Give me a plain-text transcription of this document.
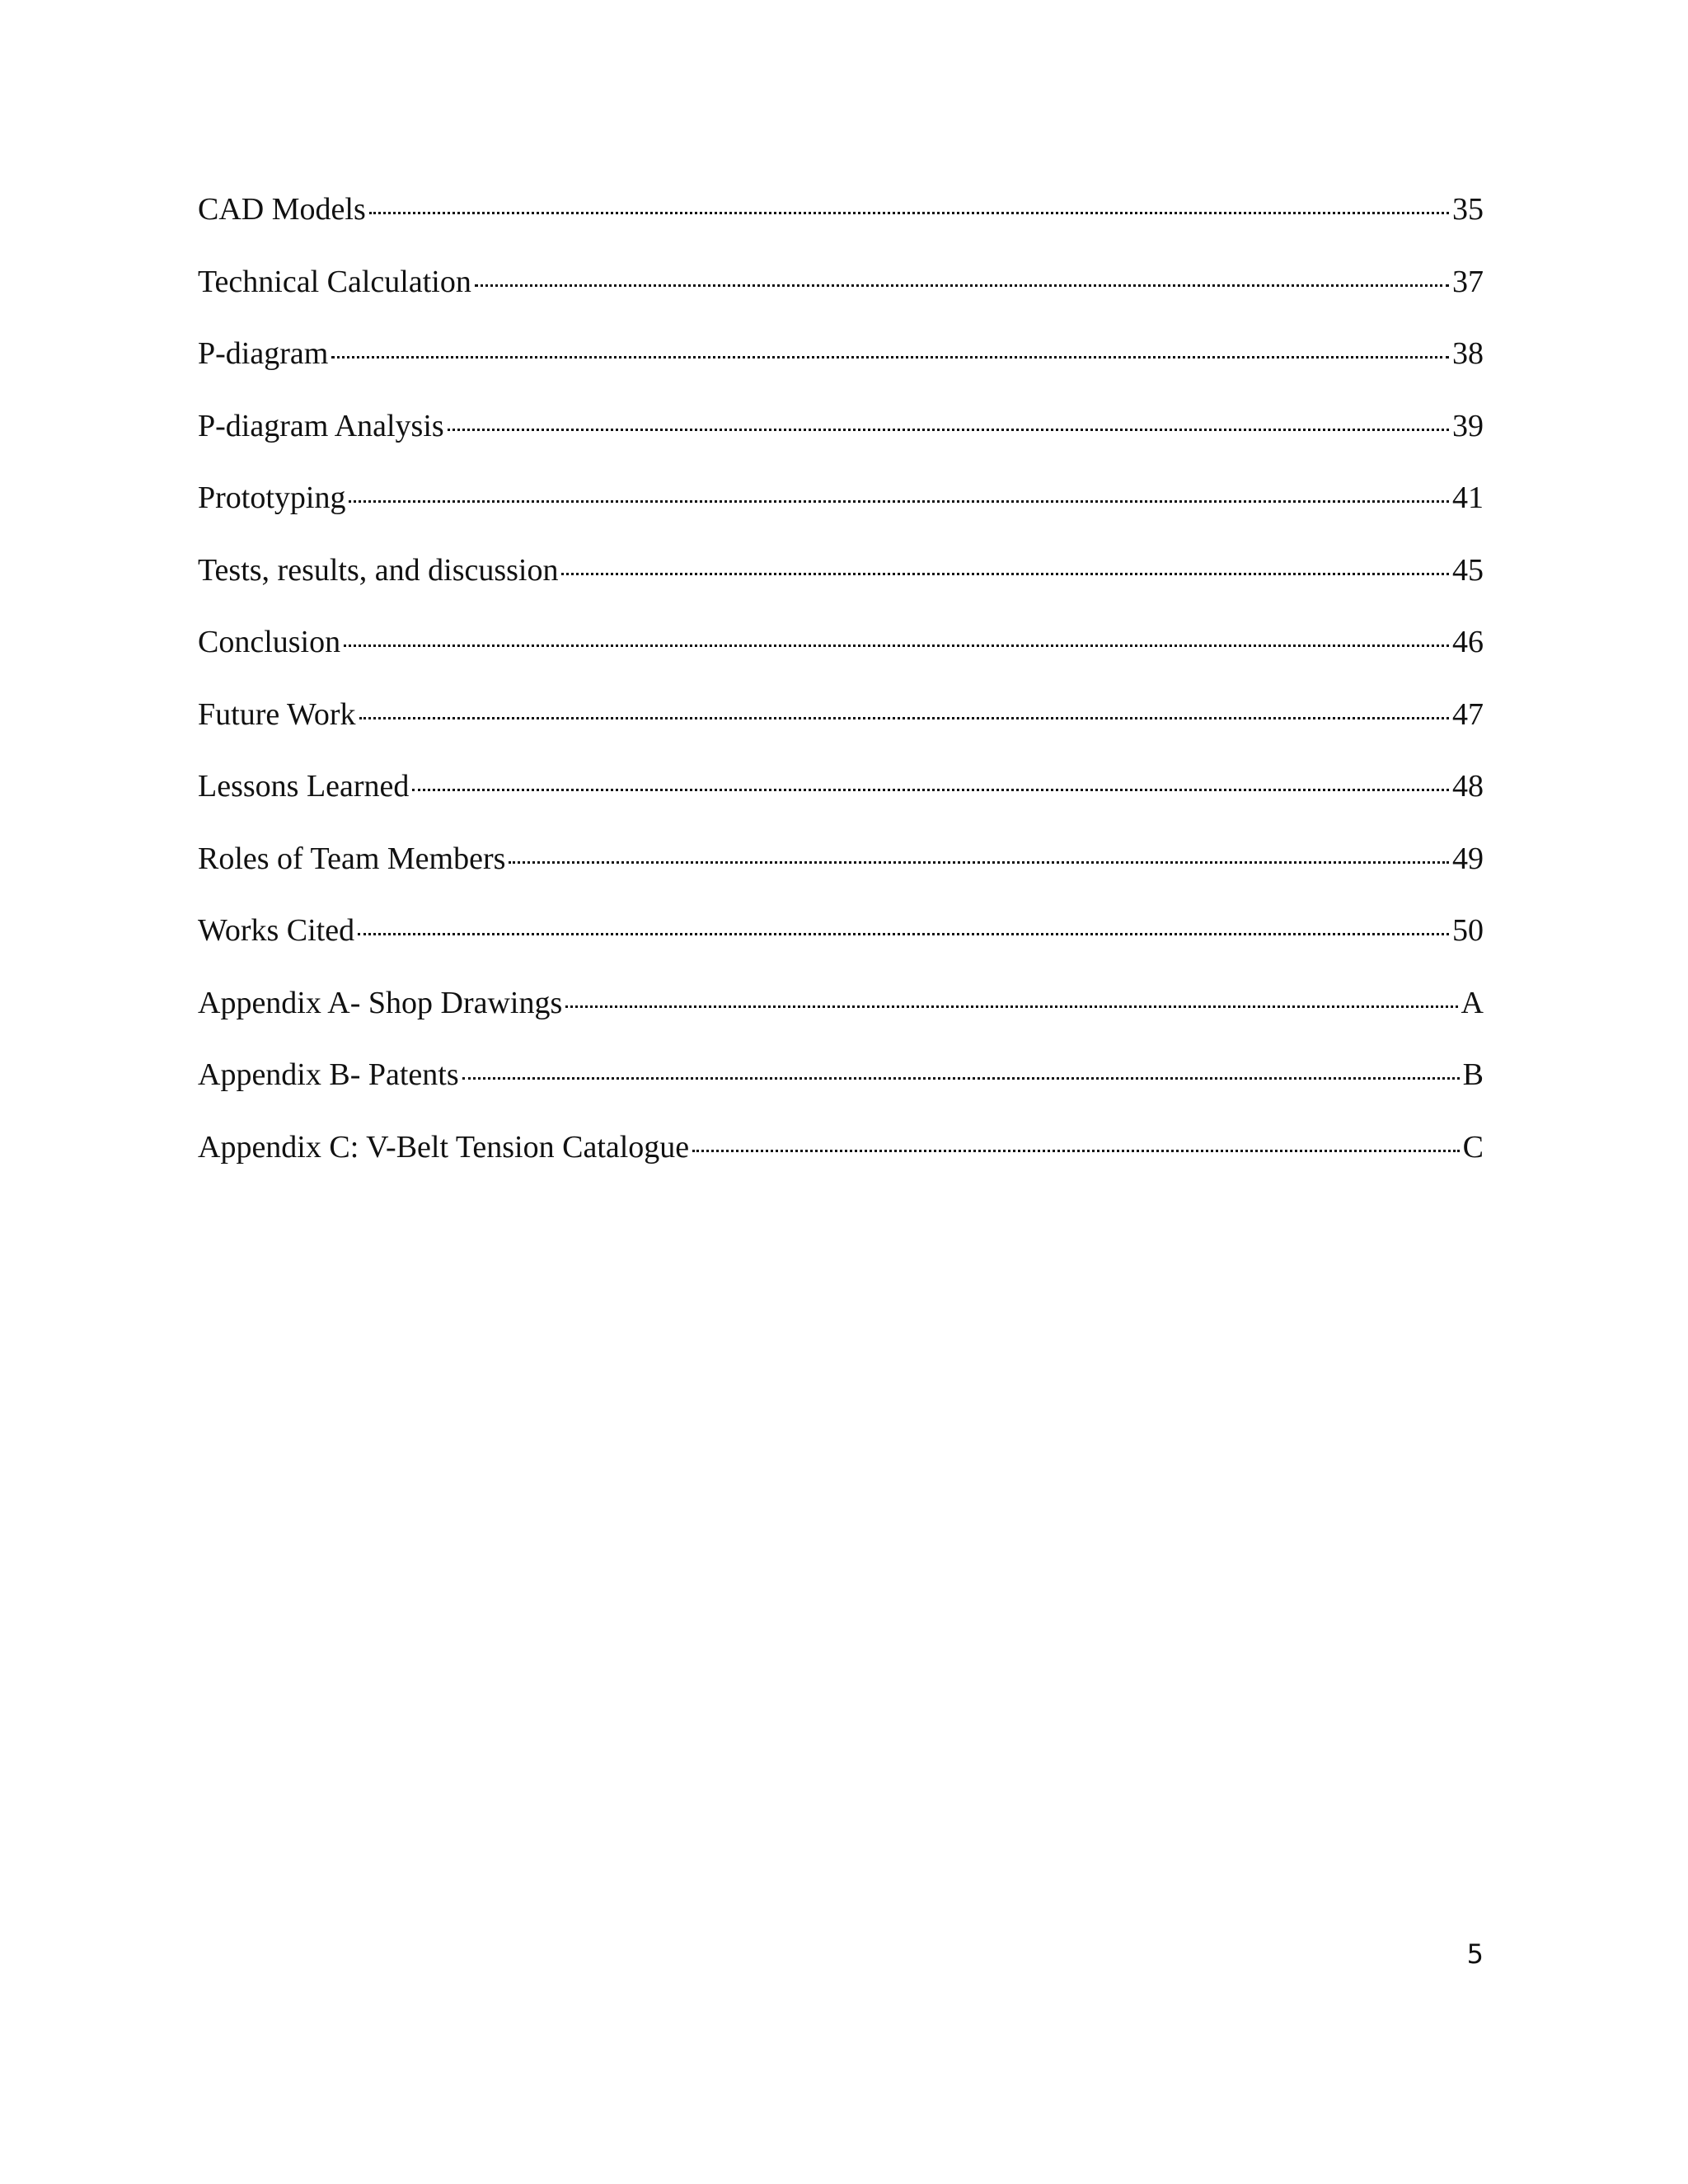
CAD Models	35
Technical Calculation	37
P-diagram	38
P-diagram Analysis	39
Prototyping	41
Tests, results, and discussion	45
Conclusion	46
Future Work	47
Lessons Learned	48
Roles of Team Members	49
Works Cited	50
Appendix A- Shop Drawings	A
Appendix B- Patents	B
Appendix C: V-Belt Tension Catalogue	C
5
